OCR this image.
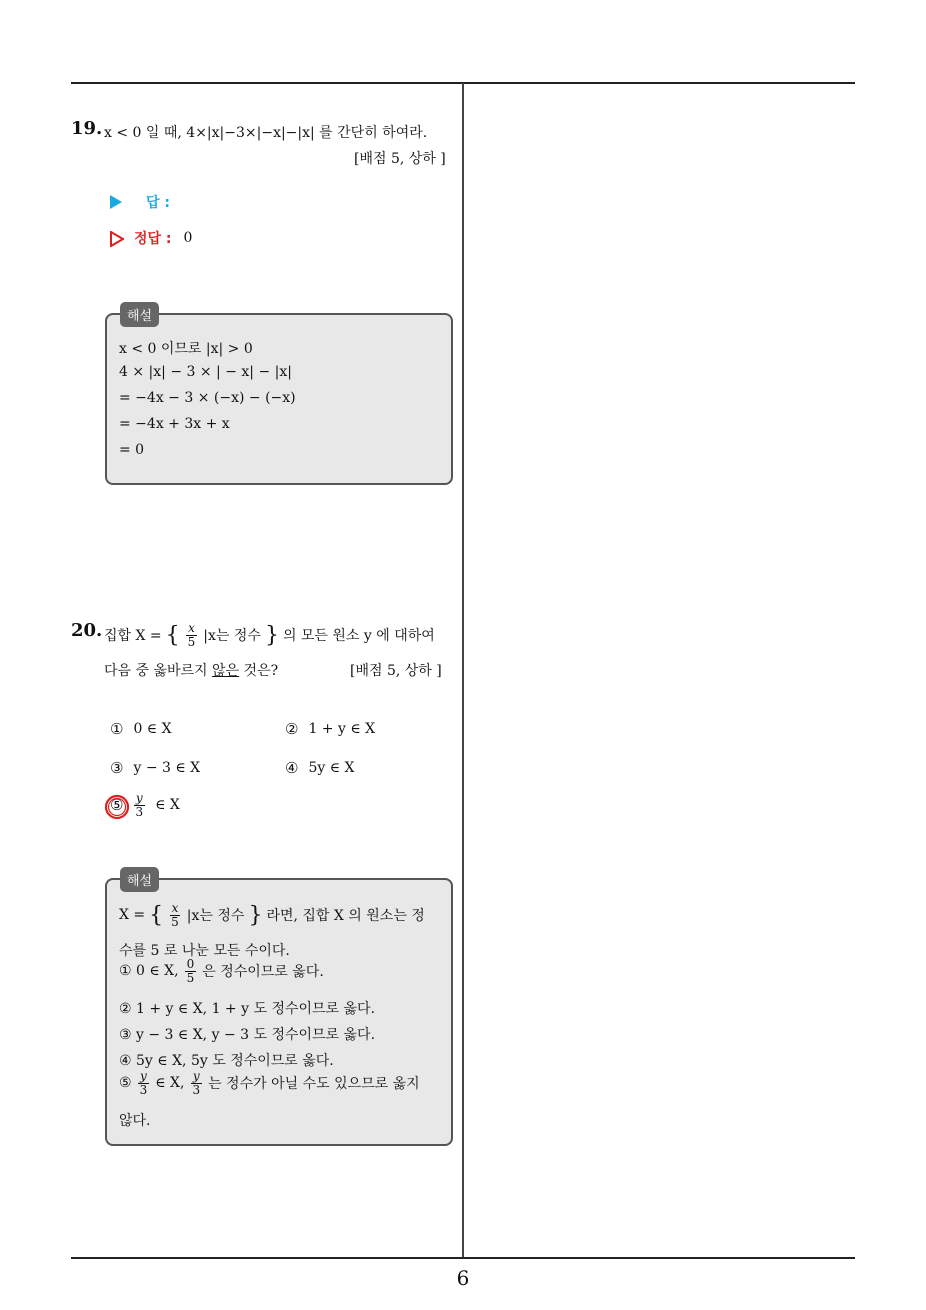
6
19. x < 0 일 때, 4×|x|−3×|−x|−|x| 를 간단히 하여라.
[배점 5, 상하 ]
답 :
정답 : 0
x < 0 이므로 |x| > 0
4 × |x| − 3 × | − x| − |x|
= −4x − 3 × (−x) − (−x)
= −4x + 3x + x
= 0
해설
20. 집합 X = { $\frac{x}{5} |x$는 정수 } 의 모든 원소 y 에 대하여
다음 중 옳바르지 않은 것은?	[배점 5, 상하 ]
① 0 ∈ X	② 1 + y ∈ X
③ y − 3 ∈ X	④ 5y ∈ X
⑤ $\frac{y}{3}$ ∈ X
X = { $\frac{x}{5} |x$는 정수 } 라면, 집합 X 의 원소는 정
수를 5 로 나눈 모든 수이다.
① 0 ∈ X, $\frac{0}{5}$ 은 정수이므로 옳다.
② 1 + y ∈ X, 1 + y 도 정수이므로 옳다.
③ y − 3 ∈ X, y − 3 도 정수이므로 옳다.
④ 5y ∈ X, 5y 도 정수이므로 옳다.
⑤ $\frac{y}{3}$ ∈ X, $\frac{y}{3}$ 는 정수가 아닐 수도 있으므로 옳지
않다.
해설
